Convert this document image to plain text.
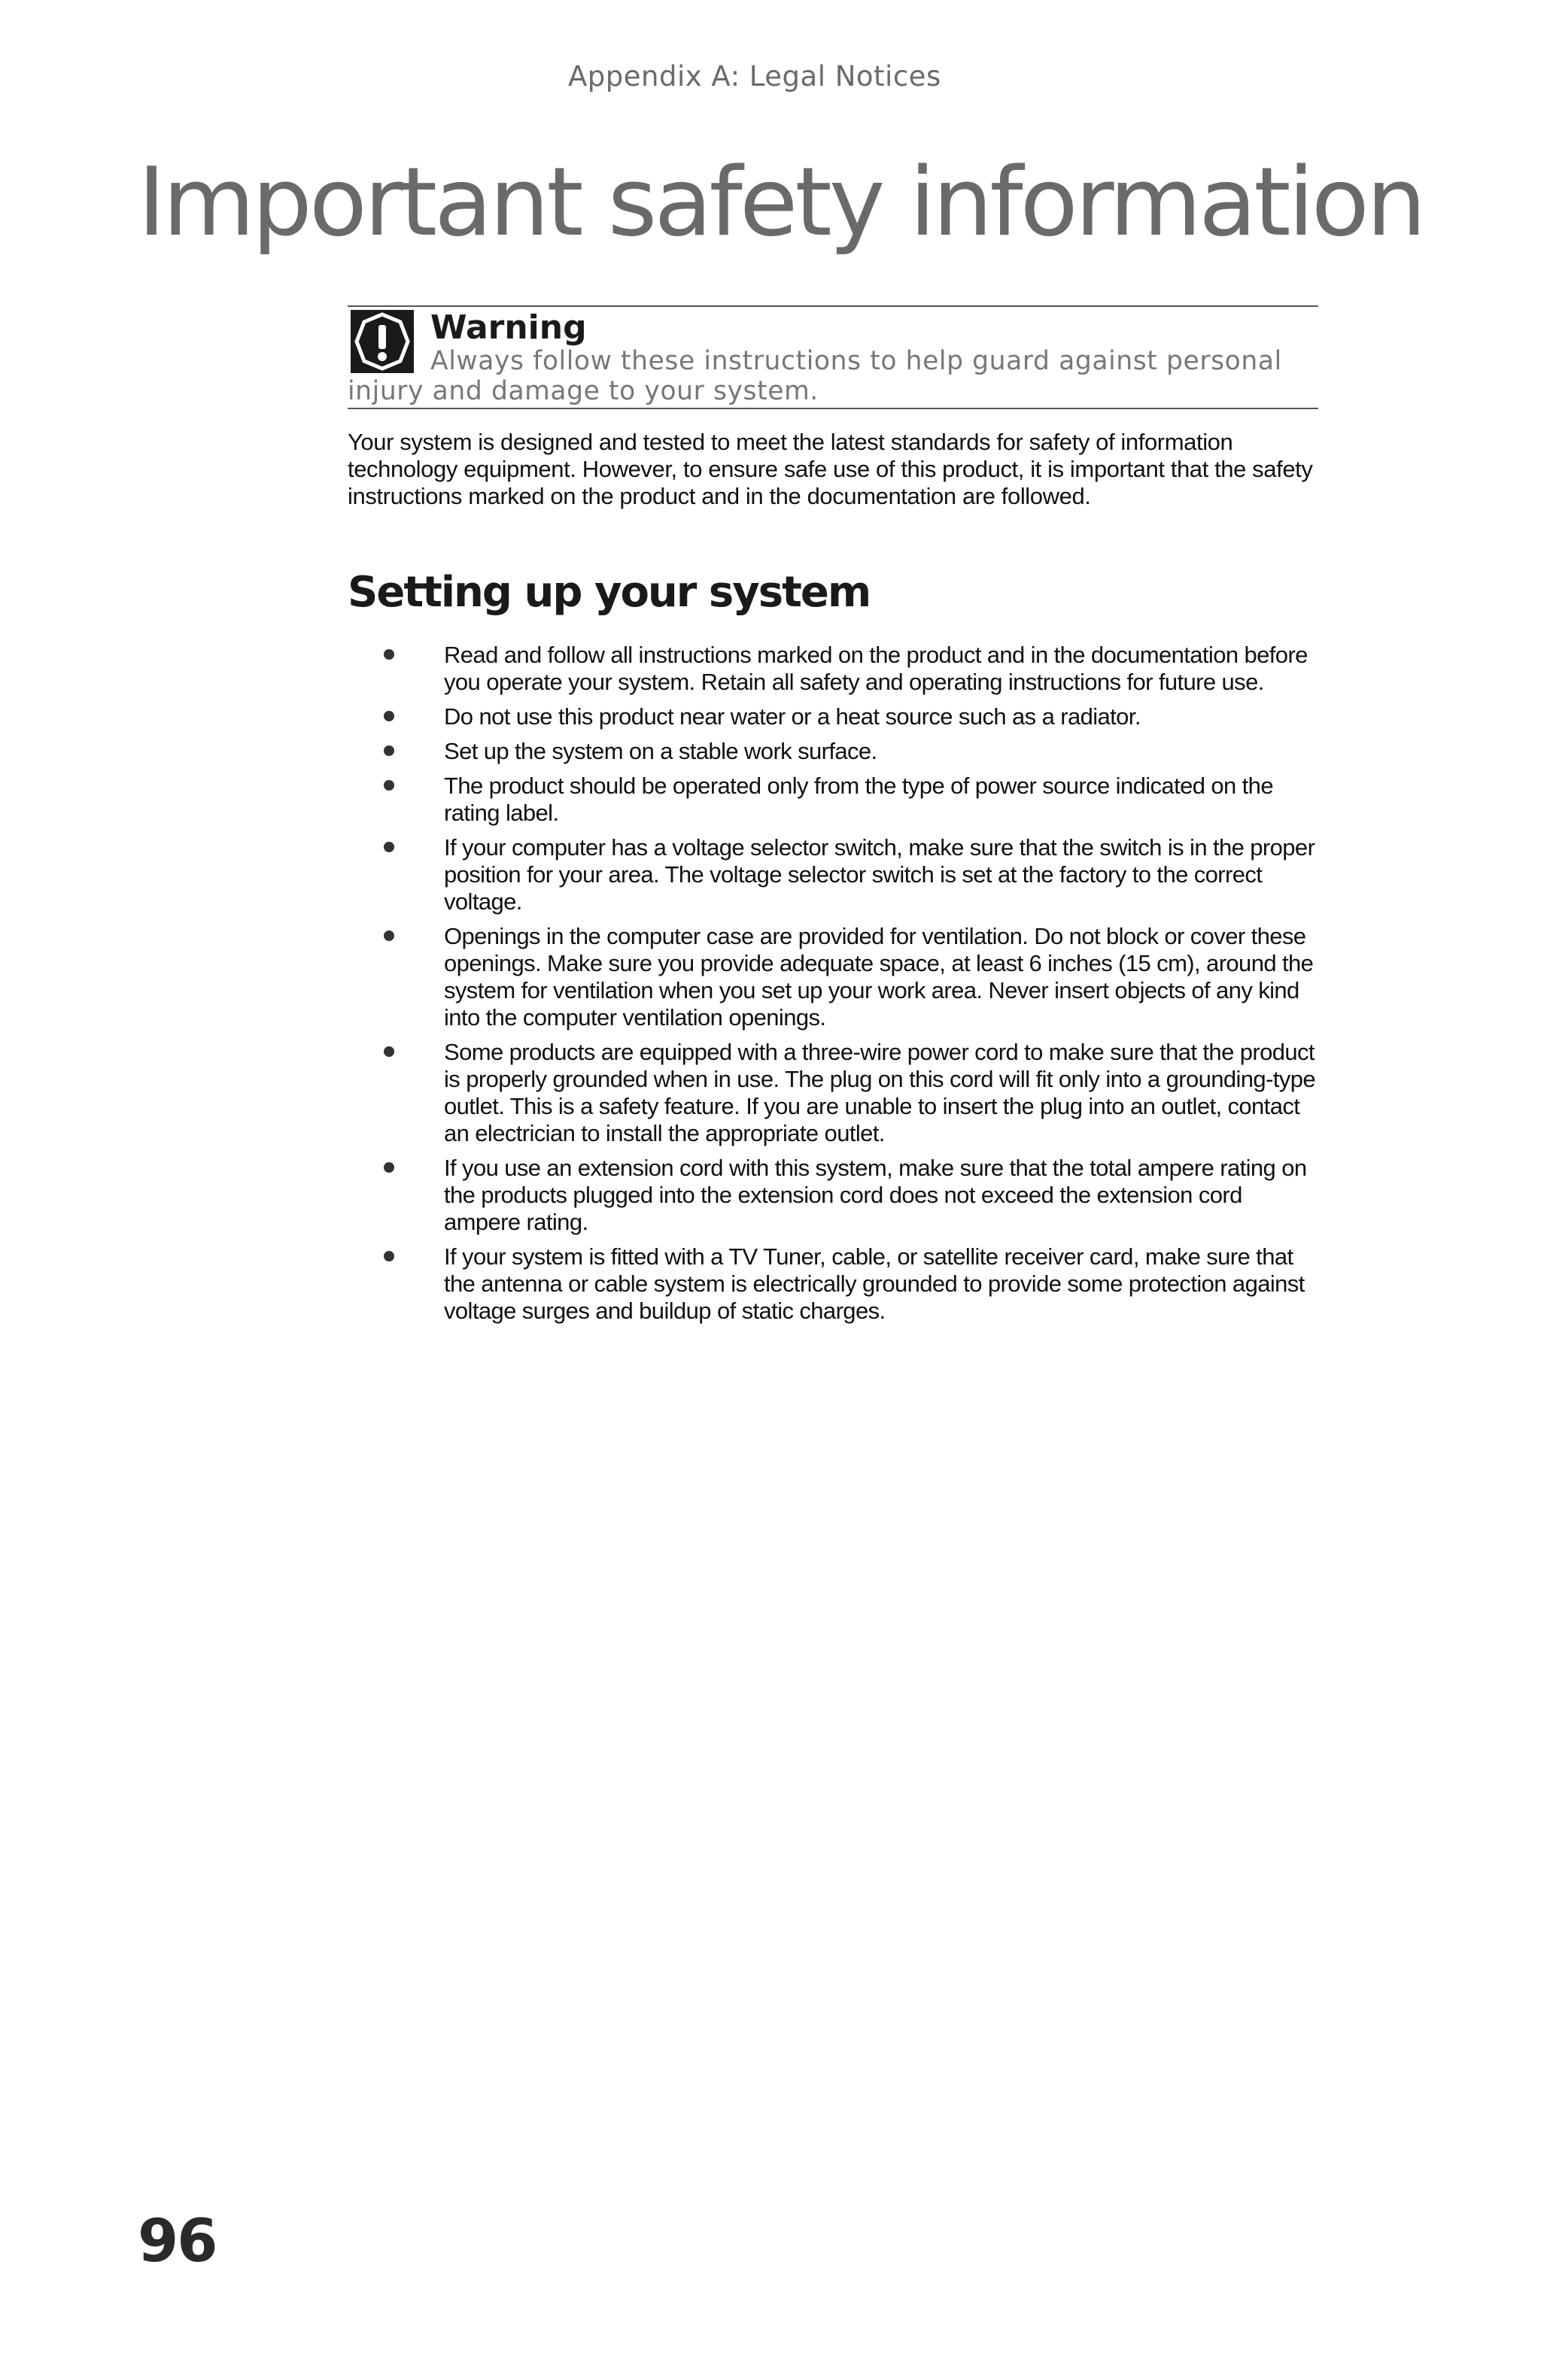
Appendix A: Legal Notices
Important safety information
Warning
Always follow these instructions to help guard against personal injury and damage to your system.

Your system is designed and tested to meet the latest standards for safety of information technology equipment. However, to ensure safe use of this product, it is important that the safety instructions marked on the product and in the documentation are followed.

Setting up your system
Read and follow all instructions marked on the product and in the documentation before you operate your system. Retain all safety and operating instructions for future use.
Do not use this product near water or a heat source such as a radiator.
Set up the system on a stable work surface.
The product should be operated only from the type of power source indicated on the rating label.
If your computer has a voltage selector switch, make sure that the switch is in the proper position for your area. The voltage selector switch is set at the factory to the correct voltage.
Openings in the computer case are provided for ventilation. Do not block or cover these openings. Make sure you provide adequate space, at least 6 inches (15 cm), around the system for ventilation when you set up your work area. Never insert objects of any kind into the computer ventilation openings.
Some products are equipped with a three-wire power cord to make sure that the product is properly grounded when in use. The plug on this cord will fit only into a grounding-type outlet. This is a safety feature. If you are unable to insert the plug into an outlet, contact an electrician to install the appropriate outlet.
If you use an extension cord with this system, make sure that the total ampere rating on the products plugged into the extension cord does not exceed the extension cord ampere rating.
If your system is fitted with a TV Tuner, cable, or satellite receiver card, make sure that the antenna or cable system is electrically grounded to provide some protection against voltage surges and buildup of static charges.
96
